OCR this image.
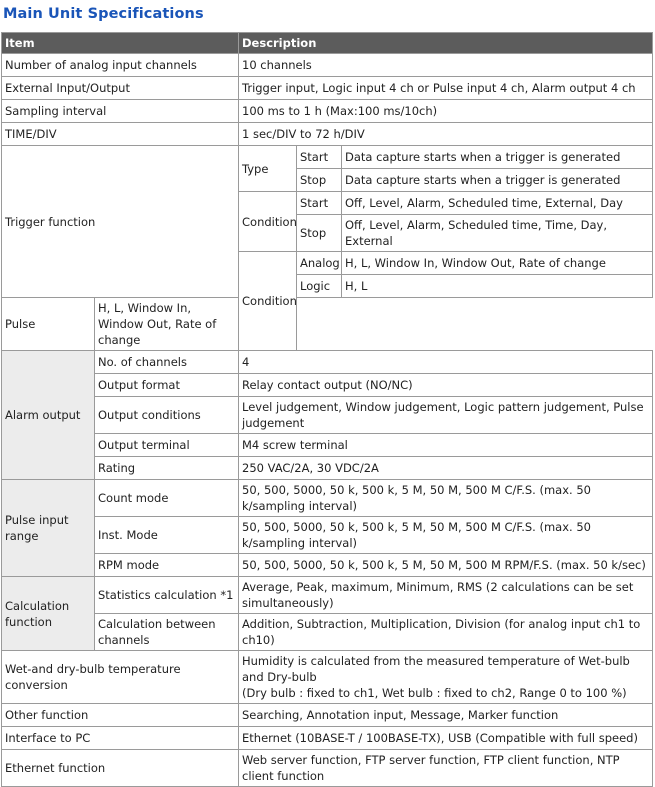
Main Unit Specifications
Item		Description		
Number of analog input channels		10 channels		
External Input/Output		Trigger input, Logic input 4 ch or Pulse input 4 ch, Alarm output 4 ch		
Sampling interval		100 ms to 1 h (Max:100 ms/10ch)		
TIME/DIV		1 sec/DIV to 72 h/DIV		
Trigger function		Type	Start	Data capture starts when a trigger is generated
			Stop	Data capture starts when a trigger is generated
		Condition	Start	Off, Level, Alarm, Scheduled time, External, Day
			Stop	Off, Level, Alarm, Scheduled time, Time, Day, External
		Condition	Analog	H, L, Window In, Window Out, Rate of change
			Logic	H, L
Pulse	H, L, Window In, Window Out, Rate of change			
Alarm output	No. of channels	4		
	Output format	Relay contact output (NO/NC)		
	Output conditions	Level judgement, Window judgement, Logic pattern judgement, Pulse judgement		
	Output terminal	M4 screw terminal		
	Rating	250 VAC/2A, 30 VDC/2A		
Pulse input range	Count mode	50, 500, 5000, 50 k, 500 k, 5 M, 50 M, 500 M C/F.S. (max. 50 k/sampling interval)		
	Inst. Mode	50, 500, 5000, 50 k, 500 k, 5 M, 50 M, 500 M C/F.S. (max. 50 k/sampling interval)		
	RPM mode	50, 500, 5000, 50 k, 500 k, 5 M, 50 M, 500 M RPM/F.S. (max. 50 k/sec)		
Calculation function	Statistics calculation *1	Average, Peak, maximum, Minimum, RMS (2 calculations can be set simultaneously)		
	Calculation between channels	Addition, Subtraction, Multiplication, Division (for analog input ch1 to ch10)		
Wet-and dry-bulb temperature conversion		Humidity is calculated from the measured temperature of Wet-bulb and Dry-bulb
(Dry bulb : fixed to ch1, Wet bulb : fixed to ch2, Range 0 to 100 %)		
Other function		Searching, Annotation input, Message, Marker function		
Interface to PC		Ethernet (10BASE-T / 100BASE-TX), USB (Compatible with full speed)		
Ethernet function		Web server function, FTP server function, FTP client function, NTP client function		
